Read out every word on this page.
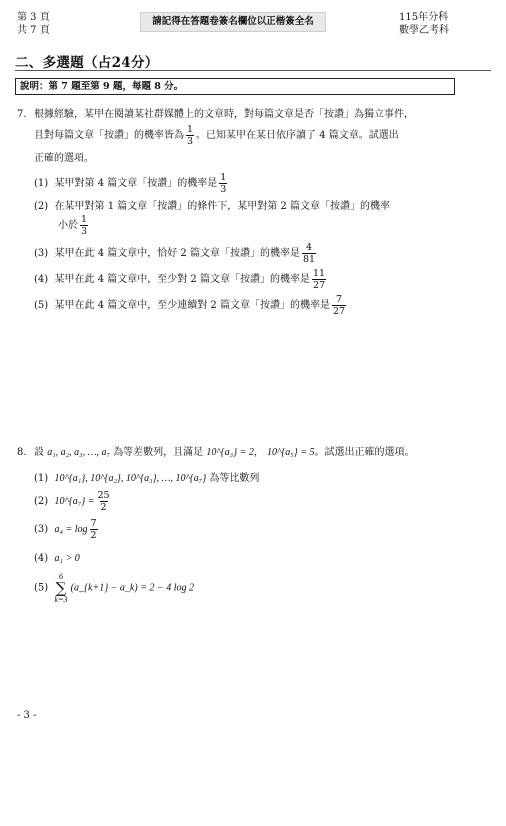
第 3 頁
共 7 頁
請記得在答題卷簽名欄位以正楷簽全名	115年分科
數學乙考科
二、多選題（占24分）
說明：第 7 題至第 9 題，每題 8 分。
7. 根據經驗，某甲在閱讀某社群媒體上的文章時，對每篇文章是否「按讚」為獨立事件，
且對每篇文章「按讚」的機率皆為 $\frac{1}{3}$ 。已知某甲在某日依序讀了 4 篇文章。試選出
正確的選項。
(1) 某甲對第 4 篇文章「按讚」的機率是 $\frac{1}{3}$
(2) 在某甲對第 1 篇文章「按讚」的條件下，某甲對第 2 篇文章「按讚」的機率
小於 $\frac{1}{3}$
(3) 某甲在此 4 篇文章中，恰好 2 篇文章「按讚」的機率是 $\frac{4}{81}$
(4) 某甲在此 4 篇文章中，至少對 2 篇文章「按讚」的機率是 $\frac{11}{27}$
(5) 某甲在此 4 篇文章中，至少連續對 2 篇文章「按讚」的機率是 $\frac{7}{27}$
8. 設 a₁, a₂, a₃, …, a₇ 為等差數列，且滿足 10^{a₃} = 2， 10^{a₅} = 5。試選出正確的選項。
(1) 10^{a₁}, 10^{a₂}, 10^{a₃}, …, 10^{a₇} 為等比數列
(2) 10^{a₇} = $\frac{25}{2}$
(3) $a_4 = \log \frac{7}{2}$
(4) a₁ > 0
(5)
6
∑
k=3
(a_{k+1} − a_k) = 2 − 4 log 2
- 3 -
